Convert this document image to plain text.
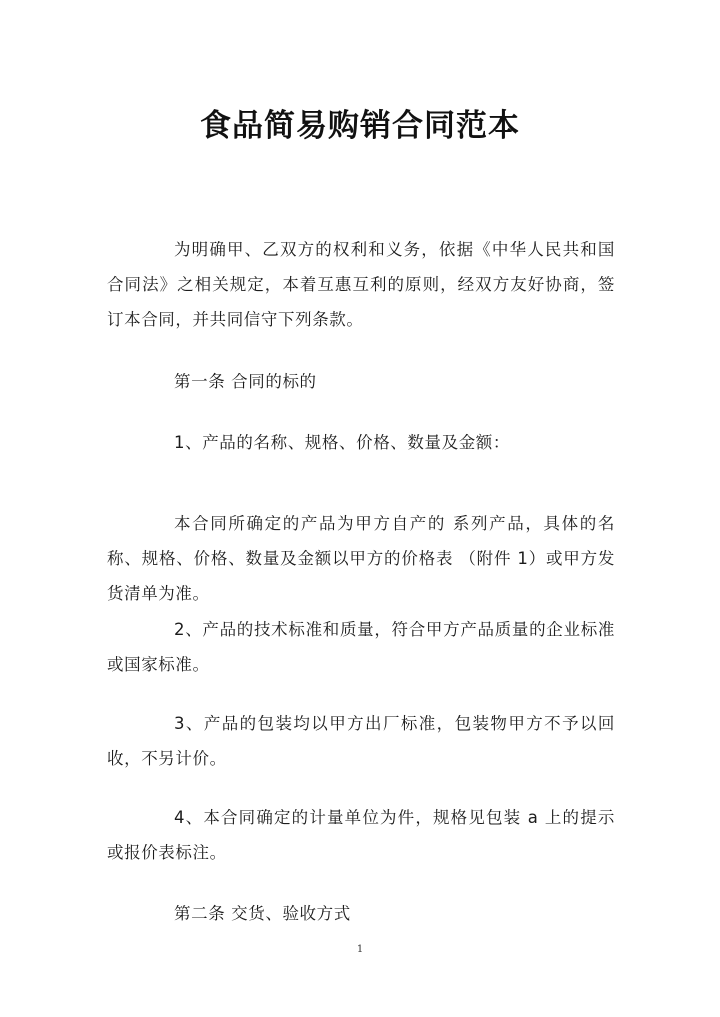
食品简易购销合同范本
为明确甲、乙双方的权利和义务，依据《中华人民共和国合同法》之相关规定，本着互惠互利的原则，经双方友好协商，签订本合同，并共同信守下列条款。
第一条 合同的标的
1、产品的名称、规格、价格、数量及金额：
本合同所确定的产品为甲方自产的 系列产品，具体的名称、规格、价格、数量及金额以甲方的价格表 （附件 1）或甲方发货清单为准。
2、产品的技术标准和质量，符合甲方产品质量的企业标准或国家标准。
3、产品的包装均以甲方出厂标准，包装物甲方不予以回收，不另计价。
4、本合同确定的计量单位为件，规格见包装 a 上的提示或报价表标注。
第二条 交货、验收方式
1
